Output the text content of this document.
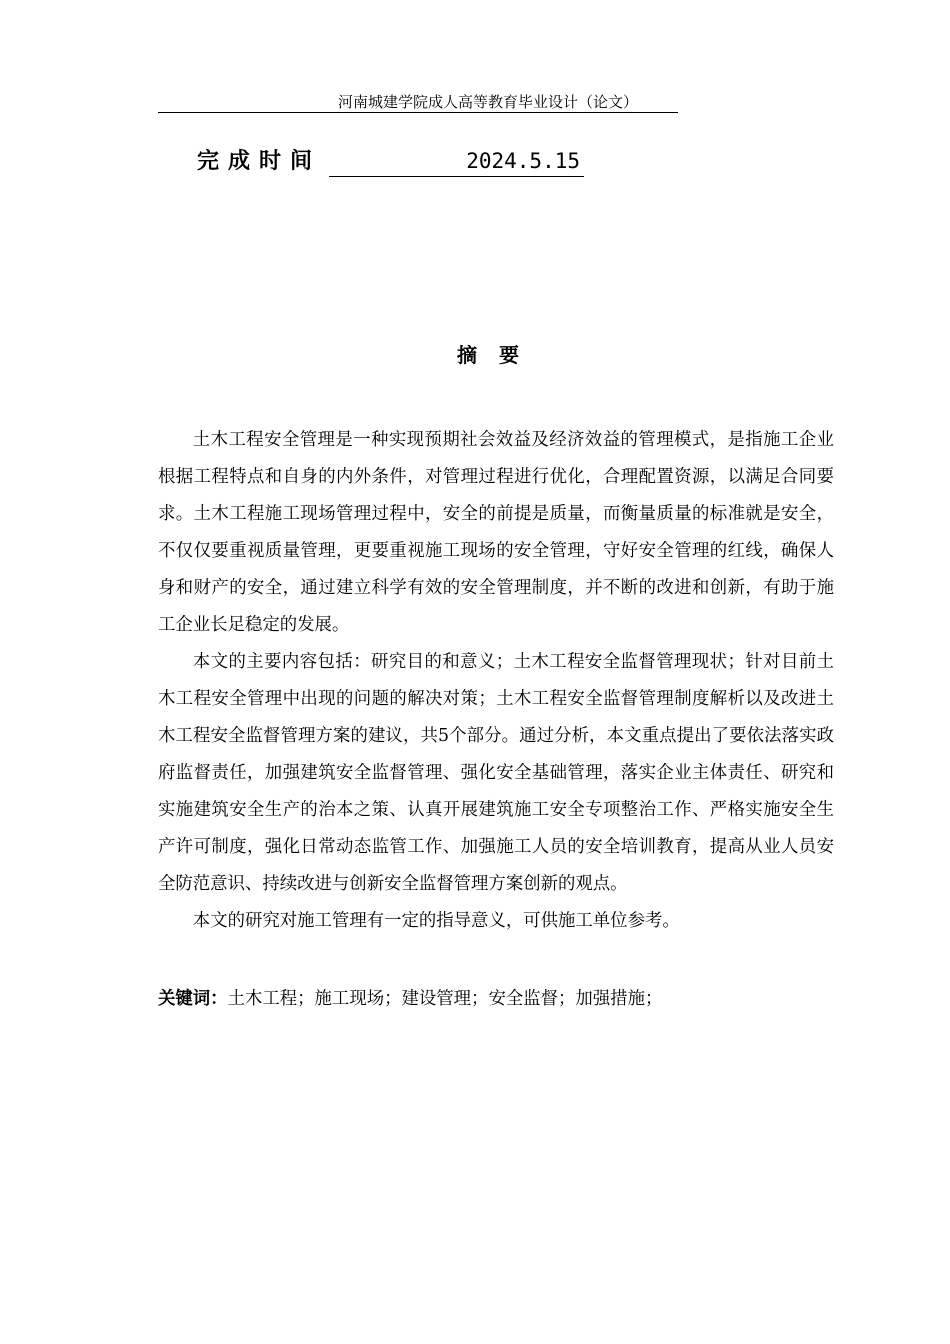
河南城建学院成人高等教育毕业设计（论文）
完成时间	2024.5.15
摘要

土木工程安全管理是一种实现预期社会效益及经济效益的管理模式，是指施工企业根据工程特点和自身的内外条件，对管理过程进行优化，合理配置资源，以满足合同要求。土木工程施工现场管理过程中，安全的前提是质量，而衡量质量的标准就是安全，不仅仅要重视质量管理，更要重视施工现场的安全管理，守好安全管理的红线，确保人身和财产的安全，通过建立科学有效的安全管理制度，并不断的改进和创新，有助于施工企业长足稳定的发展。

本文的主要内容包括：研究目的和意义；土木工程安全监督管理现状；针对目前土木工程安全管理中出现的问题的解决对策；土木工程安全监督管理制度解析以及改进土木工程安全监督管理方案的建议，共5个部分。通过分析，本文重点提出了要依法落实政府监督责任，加强建筑安全监督管理、强化安全基础管理，落实企业主体责任、研究和实施建筑安全生产的治本之策、认真开展建筑施工安全专项整治工作、严格实施安全生产许可制度，强化日常动态监管工作、加强施工人员的安全培训教育，提高从业人员安全防范意识、持续改进与创新安全监督管理方案创新的观点。

本文的研究对施工管理有一定的指导意义，可供施工单位参考。

关键词：土木工程；施工现场；建设管理；安全监督；加强措施；
